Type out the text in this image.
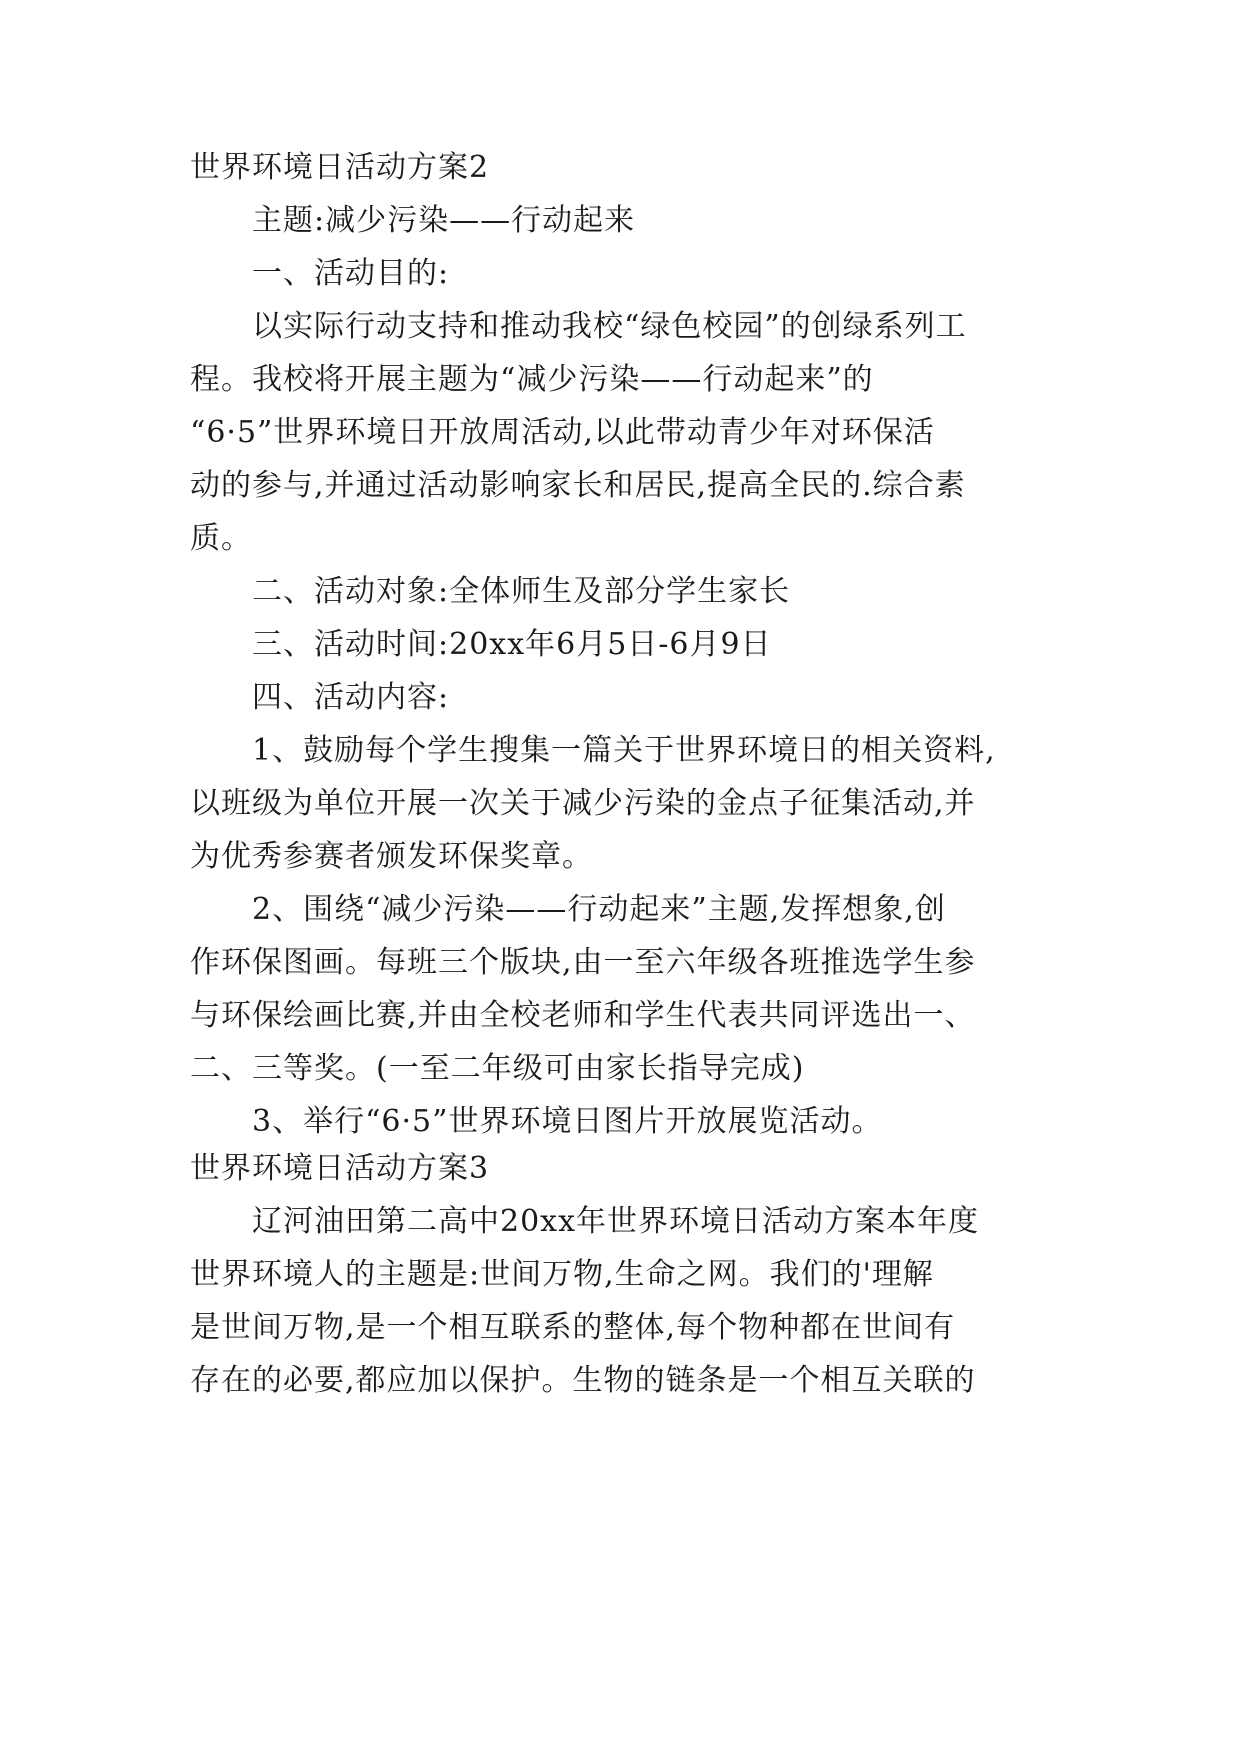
世界环境日活动方案2
主题:减少污染——行动起来
一、活动目的:
以实际行动支持和推动我校“绿色校园”的创绿系列工
程。我校将开展主题为“减少污染——行动起来”的
“6·5”世界环境日开放周活动,以此带动青少年对环保活
动的参与,并通过活动影响家长和居民,提高全民的.综合素
质。
二、活动对象:全体师生及部分学生家长
三、活动时间:20xx年6月5日-6月9日
四、活动内容:
1、鼓励每个学生搜集一篇关于世界环境日的相关资料,
以班级为单位开展一次关于减少污染的金点子征集活动,并
为优秀参赛者颁发环保奖章。
2、围绕“减少污染——行动起来”主题,发挥想象,创
作环保图画。每班三个版块,由一至六年级各班推选学生参
与环保绘画比赛,并由全校老师和学生代表共同评选出一、
二、三等奖。(一至二年级可由家长指导完成)
3、举行“6·5”世界环境日图片开放展览活动。
世界环境日活动方案3
辽河油田第二高中20xx年世界环境日活动方案本年度
世界环境人的主题是:世间万物,生命之网。我们的'理解
是世间万物,是一个相互联系的整体,每个物种都在世间有
存在的必要,都应加以保护。生物的链条是一个相互关联的
